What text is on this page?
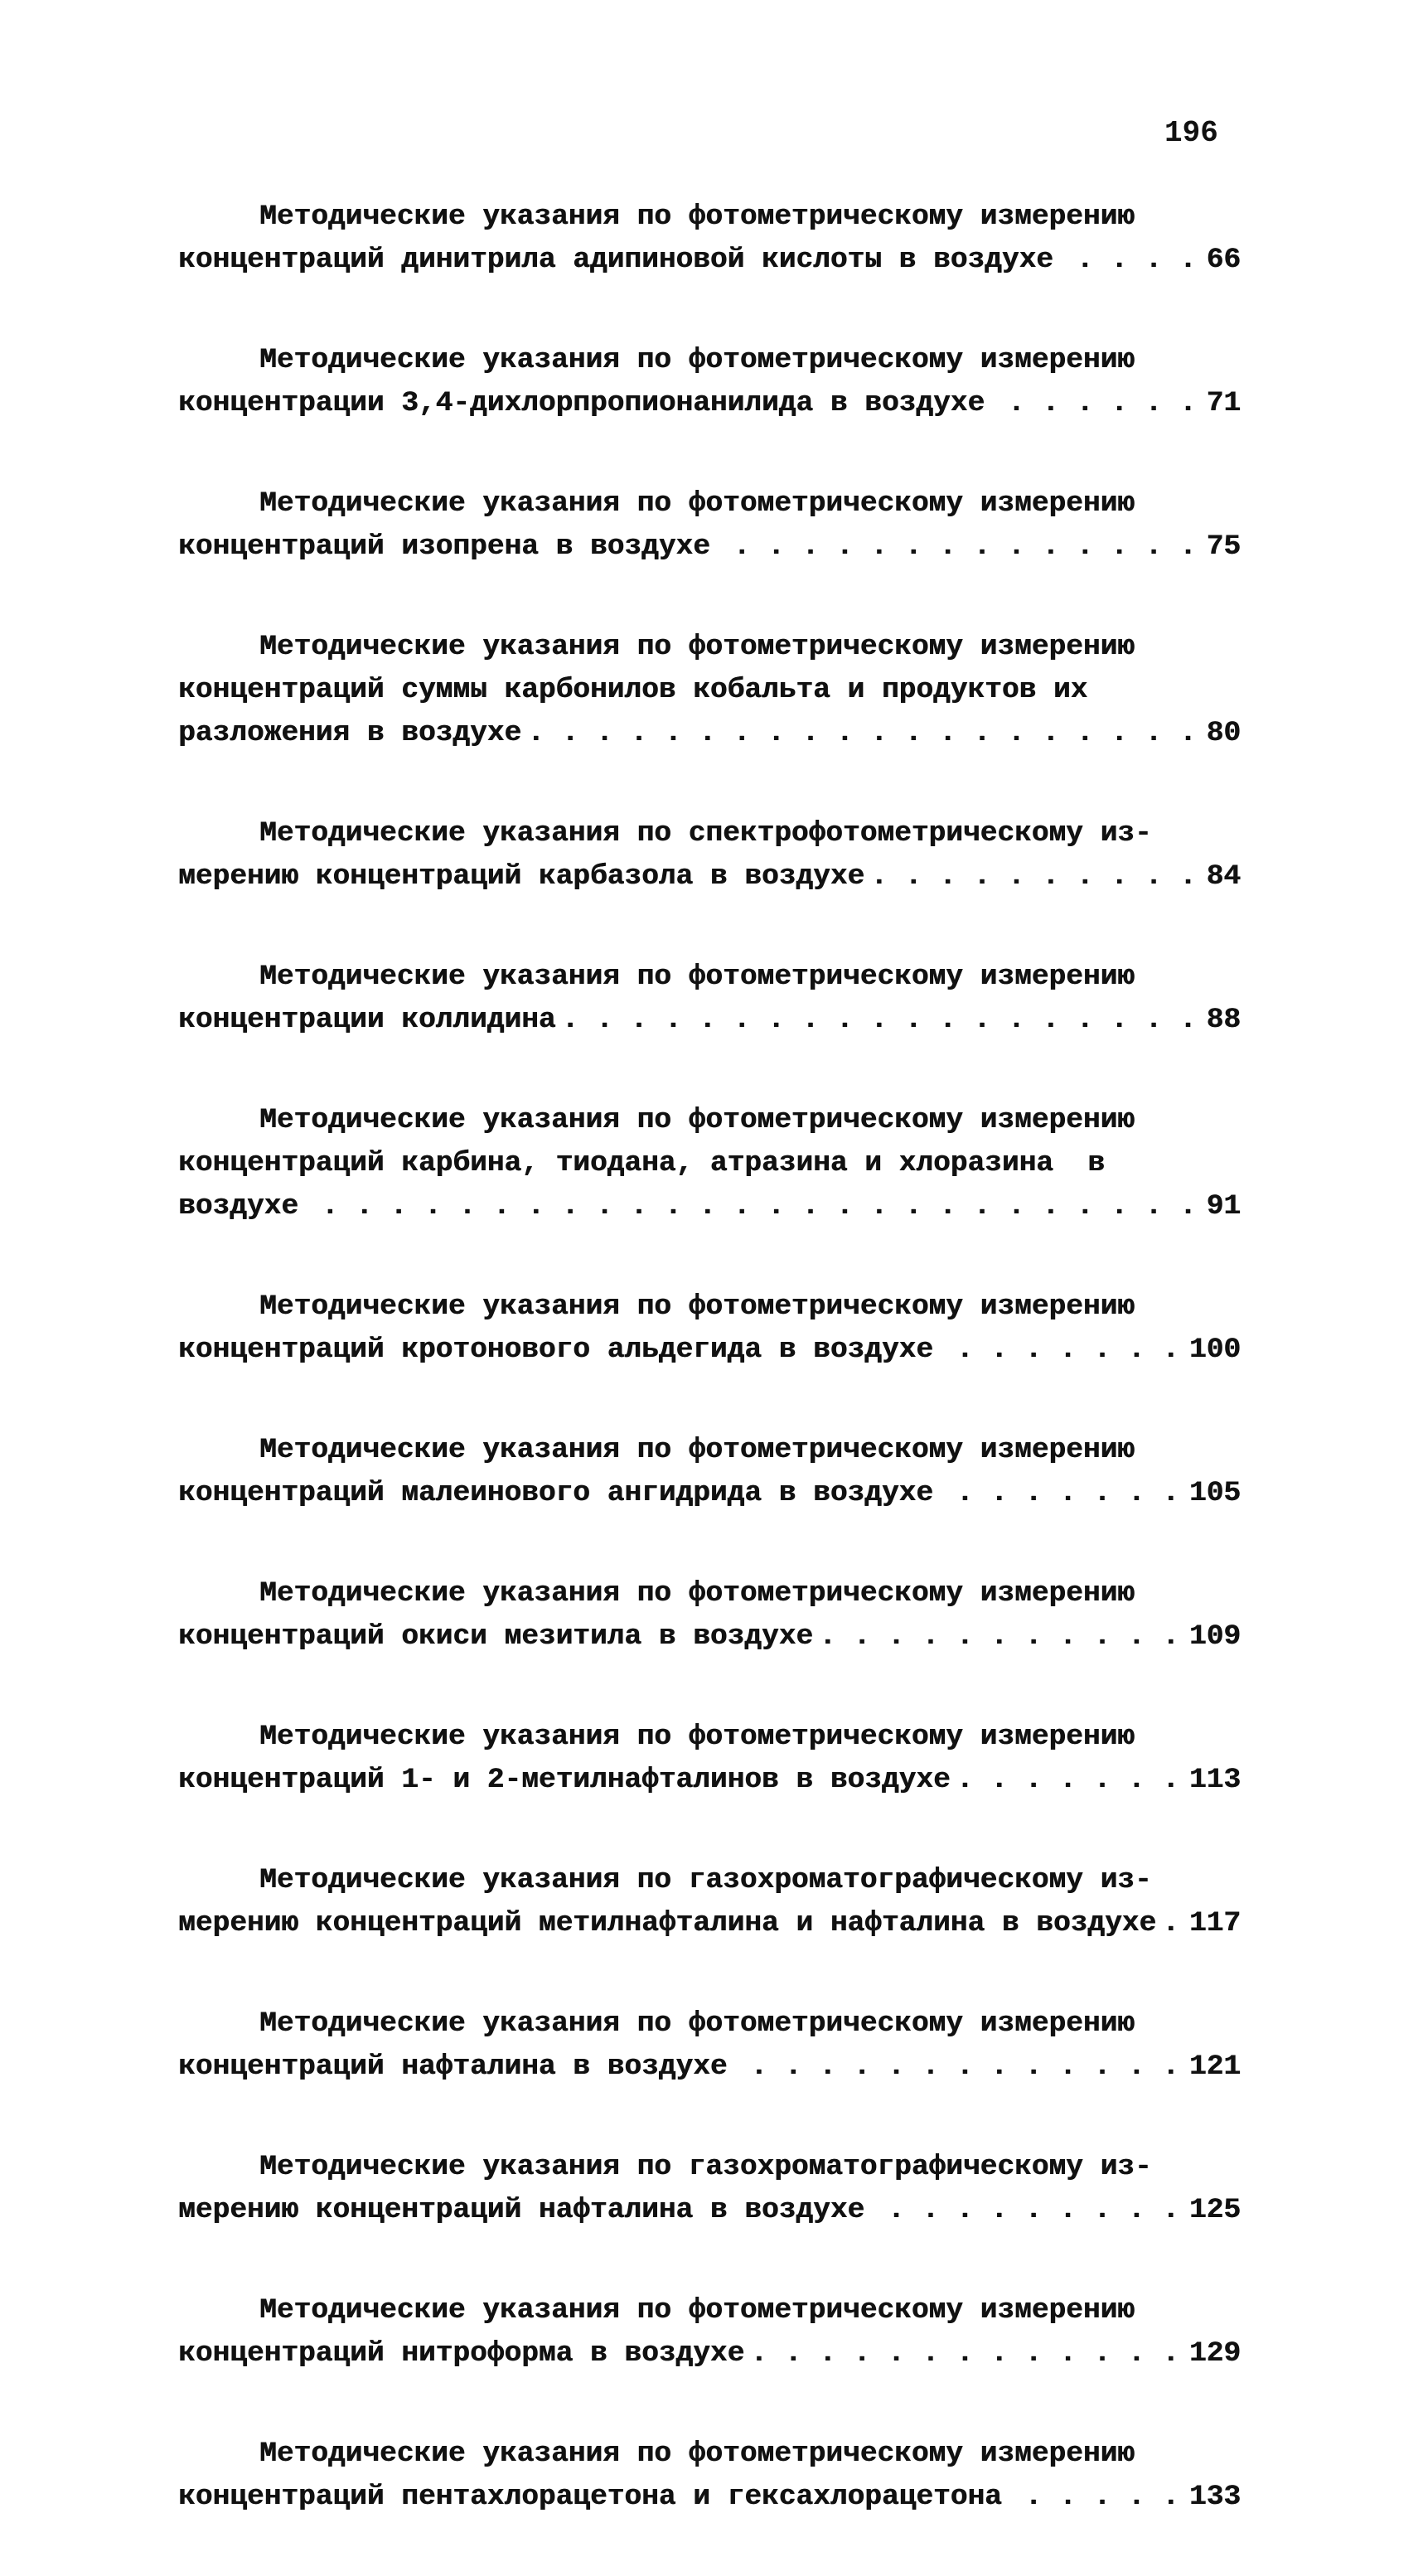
196
Методические указания по фотометрическому измерению
концентраций динитрила адипиновой кислоты в воздухе . . .	66
Методические указания по фотометрическому измерению
концентрации 3,4-дихлорпропионанилида в воздухе . . .	71
Методические указания по фотометрическому измерению
концентраций изопрена в воздухе . . .	75
Методические указания по фотометрическому измерению
концентраций суммы карбонилов кобальта и продуктов их
разложения в воздухе . . .	80
Методические указания по спектрофотометрическому из-
мерению концентраций карбазола в воздухе . . .	84
Методические указания по фотометрическому измерению
концентрации коллидина . . .	88
Методические указания по фотометрическому измерению
концентраций карбина, тиодана, атразина и хлоразина  в
воздухе . . .	91
Методические указания по фотометрическому измерению
концентраций кротонового альдегида в воздухе . . .	100
Методические указания по фотометрическому измерению
концентраций малеинового ангидрида в воздухе . . .	105
Методические указания по фотометрическому измерению
концентраций окиси мезитила в воздухе . . .	109
Методические указания по фотометрическому измерению
концентраций 1- и 2-метилнафталинов в воздухе . . .	113
Методические указания по газохроматографическому из-
мерению концентраций метилнафталина и нафталина в воздухе . . .	117
Методические указания по фотометрическому измерению
концентраций нафталина в воздухе . . .	121
Методические указания по газохроматографическому из-
мерению концентраций нафталина в воздухе . . .	125
Методические указания по фотометрическому измерению
концентраций нитроформа в воздухе . . .	129
Методические указания по фотометрическому измерению
концентраций пентахлорацетона и гексахлорацетона . . .	133
